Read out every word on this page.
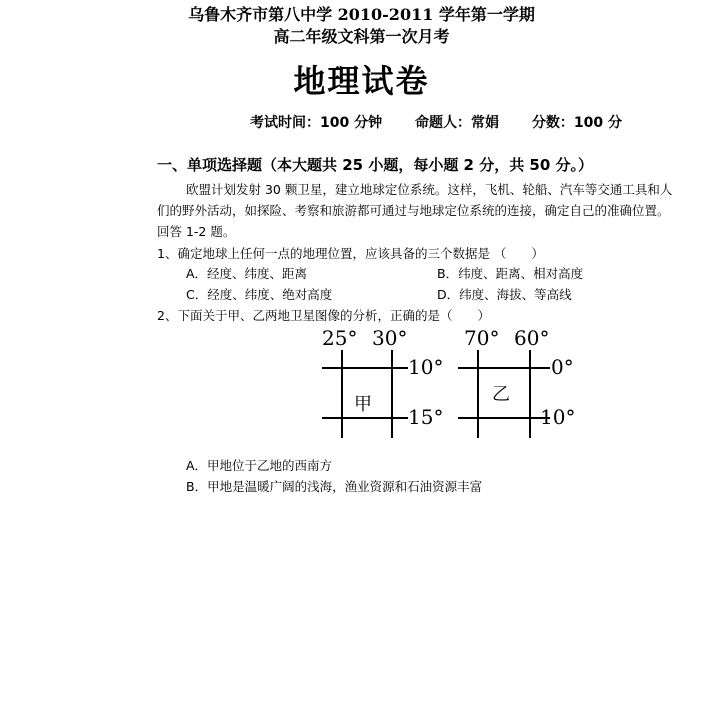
乌鲁木齐市第八中学 2010-2011 学年第一学期
高二年级文科第一次月考
地理试卷
考试时间：100 分钟 命题人：常娟 分数：100 分
一、单项选择题（本大题共 25 小题，每小题 2 分，共 50 分。）
欧盟计划发射 30 颗卫星，建立地球定位系统。这样，飞机、轮船、汽车等交通工具和人
们的野外活动，如探险、考察和旅游都可通过与地球定位系统的连接，确定自己的准确位置。
回答 1-2 题。
1、确定地球上任何一点的地理位置，应该具备的三个数据是 （　　）
A．经度、纬度、距离	B．纬度、距离、相对高度
C．经度、纬度、绝对高度	D．纬度、海拔、等高线
2、下面关于甲、乙两地卫星图像的分析，正确的是（　　）
25° 30°
10°
15°
甲
70° 60°
0°
10°
乙
A．甲地位于乙地的西南方
B．甲地是温暖广阔的浅海，渔业资源和石油资源丰富
